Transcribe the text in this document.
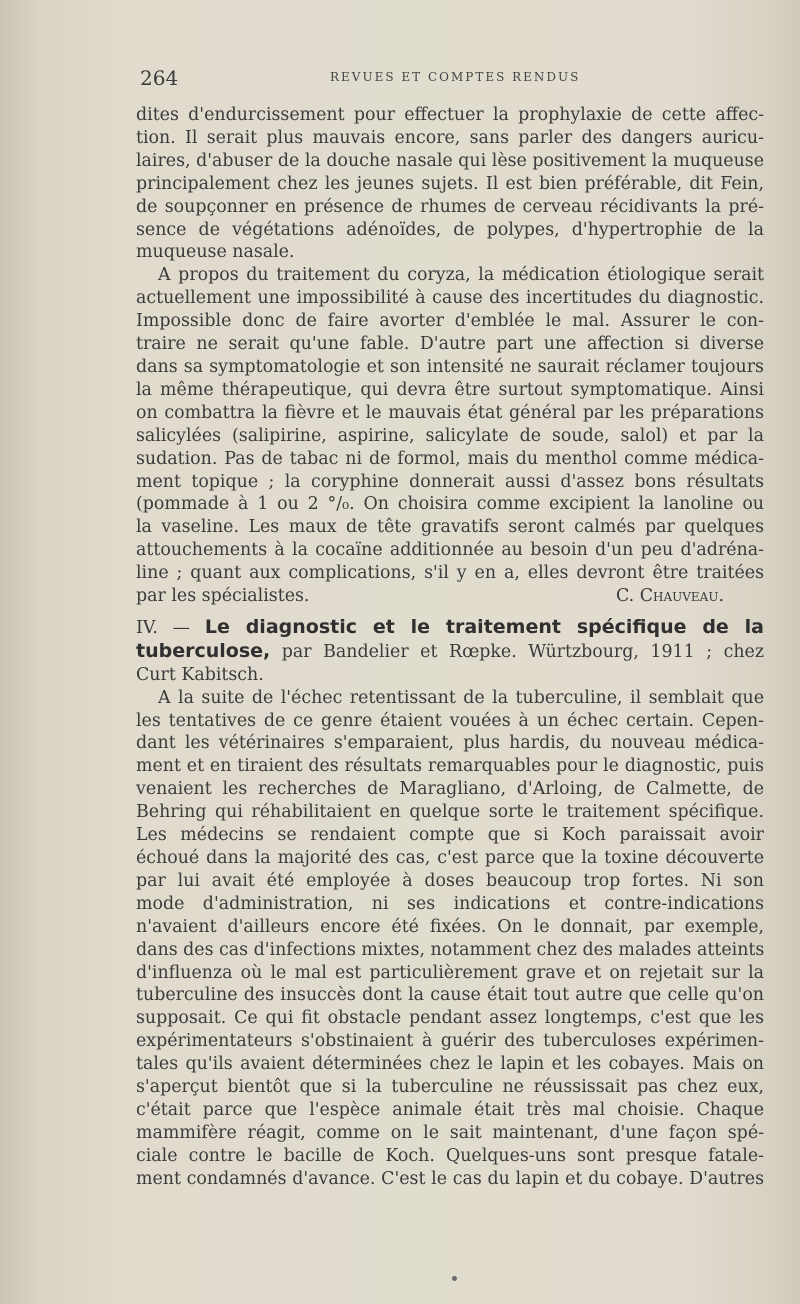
264	REVUES ET COMPTES RENDUS
dites d'endurcissement pour effectuer la prophylaxie de cette affec-
tion. Il serait plus mauvais encore, sans parler des dangers auricu-
laires, d'abuser de la douche nasale qui lèse positivement la muqueuse
principalement chez les jeunes sujets. Il est bien préférable, dit Fein,
de soupçonner en présence de rhumes de cerveau récidivants la pré-
sence de végétations adénoïdes, de polypes, d'hypertrophie de la
muqueuse nasale.
A propos du traitement du coryza, la médication étiologique serait
actuellement une impossibilité à cause des incertitudes du diagnostic.
Impossible donc de faire avorter d'emblée le mal. Assurer le con-
traire ne serait qu'une fable. D'autre part une affection si diverse
dans sa symptomatologie et son intensité ne saurait réclamer toujours
la même thérapeutique, qui devra être surtout symptomatique. Ainsi
on combattra la fièvre et le mauvais état général par les préparations
salicylées (salipirine, aspirine, salicylate de soude, salol) et par la
sudation. Pas de tabac ni de formol, mais du menthol comme médica-
ment topique ; la coryphine donnerait aussi d'assez bons résultats
(pommade à 1 ou 2 °/₀. On choisira comme excipient la lanoline ou
la vaseline. Les maux de tête gravatifs seront calmés par quelques
attouchements à la cocaïne additionnée au besoin d'un peu d'adréna-
line ; quant aux complications, s'il y en a, elles devront être traitées
par les spécialistes.	C. Chauveau.
IV. — Le diagnostic et le traitement spécifique de la
tuberculose, par Bandelier et Rœpke. Würtzbourg, 1911 ; chez
Curt Kabitsch.
A la suite de l'échec retentissant de la tuberculine, il semblait que
les tentatives de ce genre étaient vouées à un échec certain. Cepen-
dant les vétérinaires s'emparaient, plus hardis, du nouveau médica-
ment et en tiraient des résultats remarquables pour le diagnostic, puis
venaient les recherches de Maragliano, d'Arloing, de Calmette, de
Behring qui réhabilitaient en quelque sorte le traitement spécifique.
Les médecins se rendaient compte que si Koch paraissait avoir
échoué dans la majorité des cas, c'est parce que la toxine découverte
par lui avait été employée à doses beaucoup trop fortes. Ni son
mode d'administration, ni ses indications et contre-indications
n'avaient d'ailleurs encore été fixées. On le donnait, par exemple,
dans des cas d'infections mixtes, notamment chez des malades atteints
d'influenza où le mal est particulièrement grave et on rejetait sur la
tuberculine des insuccès dont la cause était tout autre que celle qu'on
supposait. Ce qui fit obstacle pendant assez longtemps, c'est que les
expérimentateurs s'obstinaient à guérir des tuberculoses expérimen-
tales qu'ils avaient déterminées chez le lapin et les cobayes. Mais on
s'aperçut bientôt que si la tuberculine ne réussissait pas chez eux,
c'était parce que l'espèce animale était très mal choisie. Chaque
mammifère réagit, comme on le sait maintenant, d'une façon spé-
ciale contre le bacille de Koch. Quelques-uns sont presque fatale-
ment condamnés d'avance. C'est le cas du lapin et du cobaye. D'autres
